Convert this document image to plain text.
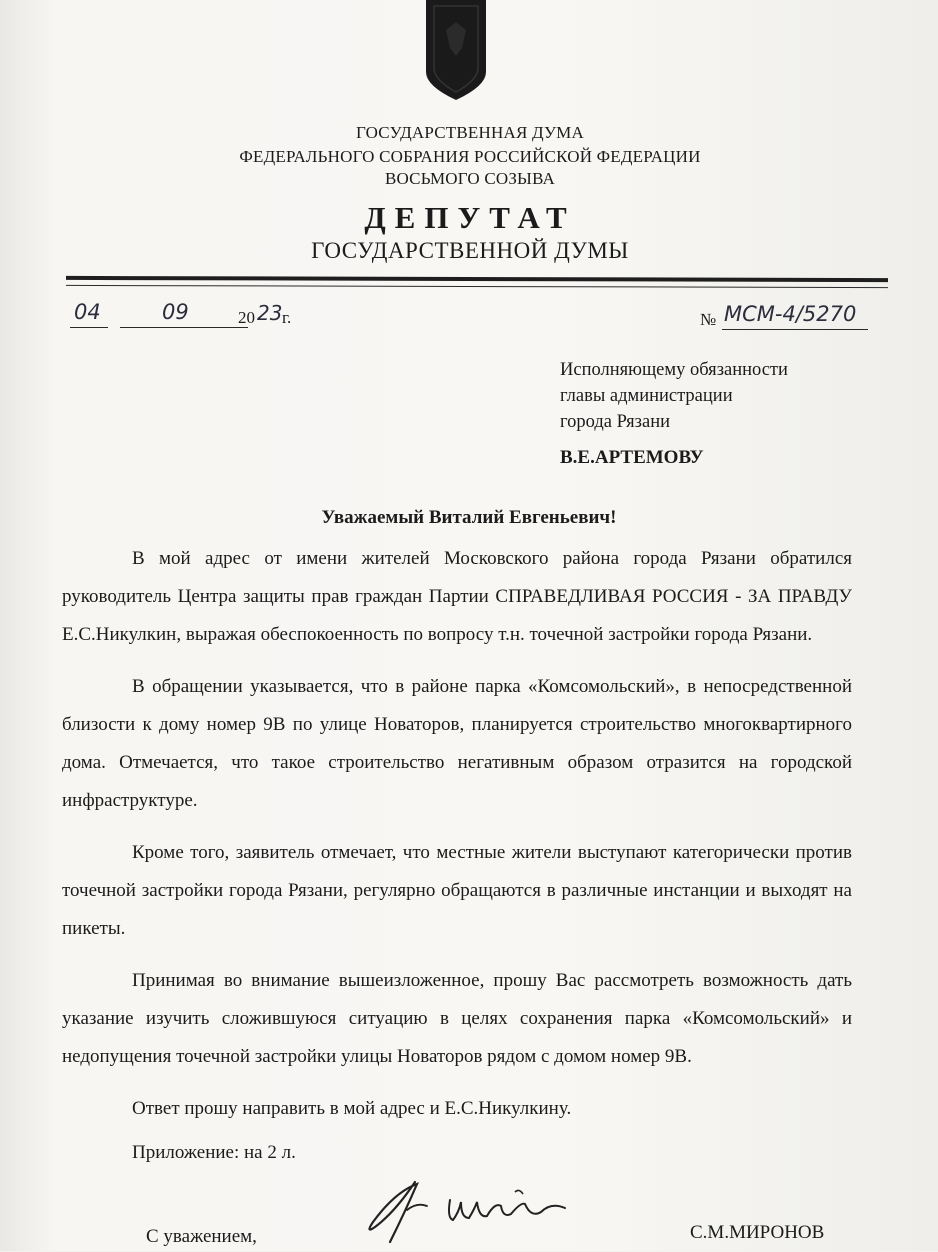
ГОСУДАРСТВЕННАЯ ДУМА
ФЕДЕРАЛЬНОГО СОБРАНИЯ РОССИЙСКОЙ ФЕДЕРАЦИИ
ВОСЬМОГО СОЗЫВА
ДЕПУТАТ
ГОСУДАРСТВЕННОЙ ДУМЫ
04	09	20 23 г.	№ МСМ-4/5270
Исполняющему обязанности
главы администрации
города Рязани
В.Е.АРТЕМОВУ
Уважаемый Виталий Евгеньевич!

В мой адрес от имени жителей Московского района города Рязани обратился руководитель Центра защиты прав граждан Партии СПРАВЕДЛИВАЯ РОССИЯ - ЗА ПРАВДУ Е.С.Никулкин, выражая обеспокоенность по вопросу т.н. точечной застройки города Рязани.

В обращении указывается, что в районе парка «Комсомольский», в непосредственной близости к дому номер 9В по улице Новаторов, планируется строительство многоквартирного дома. Отмечается, что такое строительство негативным образом отразится на городской инфраструктуре.

Кроме того, заявитель отмечает, что местные жители выступают категорически против точечной застройки города Рязани, регулярно обращаются в различные инстанции и выходят на пикеты.

Принимая во внимание вышеизложенное, прошу Вас рассмотреть возможность дать указание изучить сложившуюся ситуацию в целях сохранения парка «Комсомольский» и недопущения точечной застройки улицы Новаторов рядом с домом номер 9В.

Ответ прошу направить в мой адрес и Е.С.Никулкину.

Приложение: на 2 л.

С уважением,	С.М.МИРОНОВ
